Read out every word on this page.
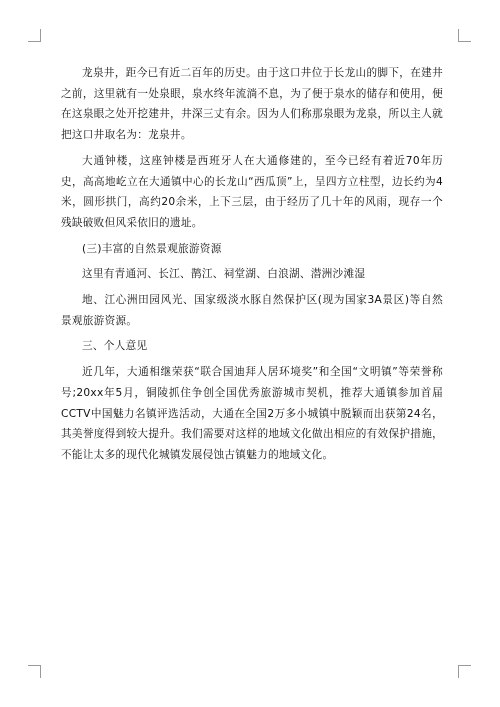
龙泉井，距今已有近二百年的历史。由于这口井位于长龙山的脚下，在建井之前，这里就有一处泉眼，泉水终年流淌不息，为了便于泉水的储存和使用，便在这泉眼之处开挖建井，井深三丈有余。因为人们称那泉眼为龙泉，所以主人就把这口井取名为：龙泉井。

大通钟楼，这座钟楼是西班牙人在大通修建的，至今已经有着近70年历史，高高地屹立在大通镇中心的长龙山“西瓜顶”上，呈四方立柱型，边长约为4米，圆形拱门，高约20余米，上下三层，由于经历了几十年的风雨，现存一个残缺破败但风采依旧的遗址。

(三)丰富的自然景观旅游资源

这里有青通河、长江、鹊江、祠堂湖、白浪湖、潜洲沙滩湿

地、江心洲田园风光、国家级淡水豚自然保护区(现为国家3A景区)等自然景观旅游资源。

三、个人意见

近几年，大通相继荣获“联合国迪拜人居环境奖”和全国“文明镇”等荣誉称号;20xx年5月，铜陵抓住争创全国优秀旅游城市契机，推荐大通镇参加首届CCTV中国魅力名镇评选活动，大通在全国2万多小城镇中脱颖而出获第24名，其美誉度得到较大提升。我们需要对这样的地域文化做出相应的有效保护措施，不能让太多的现代化城镇发展侵蚀古镇魅力的地域文化。
